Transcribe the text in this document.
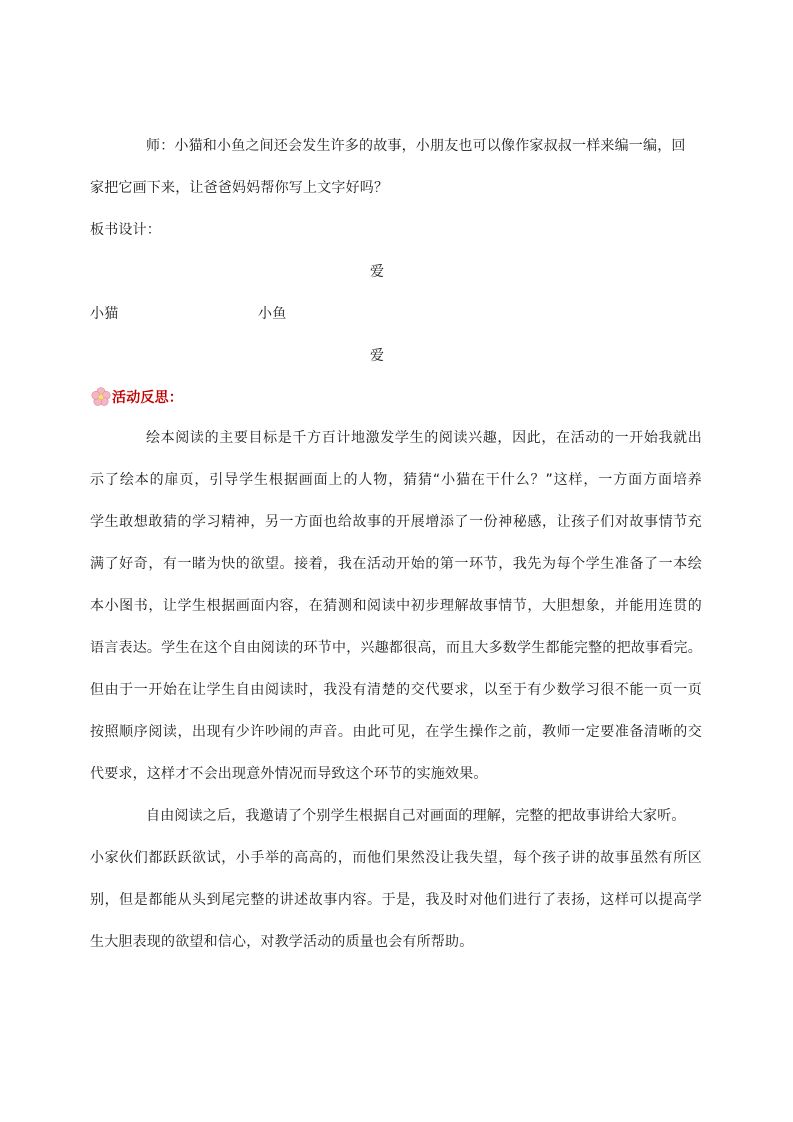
师：小猫和小鱼之间还会发生许多的故事，小朋友也可以像作家叔叔一样来编一编，回
家把它画下来，让爸爸妈妈帮你写上文字好吗？
板书设计：
爱
小猫	小鱼
爱
活动反思：
绘本阅读的主要目标是千方百计地激发学生的阅读兴趣，因此，在活动的一开始我就出
示了绘本的扉页，引导学生根据画面上的人物，猜猜“小猫在干什么？”这样，一方面方面培养
学生敢想敢猜的学习精神，另一方面也给故事的开展增添了一份神秘感，让孩子们对故事情节充
满了好奇，有一睹为快的欲望。接着，我在活动开始的第一环节，我先为每个学生准备了一本绘
本小图书，让学生根据画面内容，在猜测和阅读中初步理解故事情节，大胆想象，并能用连贯的
语言表达。学生在这个自由阅读的环节中，兴趣都很高，而且大多数学生都能完整的把故事看完。
但由于一开始在让学生自由阅读时，我没有清楚的交代要求，以至于有少数学习很不能一页一页
按照顺序阅读，出现有少许吵闹的声音。由此可见，在学生操作之前，教师一定要准备清晰的交
代要求，这样才不会出现意外情况而导致这个环节的实施效果。
自由阅读之后，我邀请了个别学生根据自己对画面的理解，完整的把故事讲给大家听。
小家伙们都跃跃欲试，小手举的高高的，而他们果然没让我失望，每个孩子讲的故事虽然有所区
别，但是都能从头到尾完整的讲述故事内容。于是，我及时对他们进行了表扬，这样可以提高学
生大胆表现的欲望和信心，对教学活动的质量也会有所帮助。
